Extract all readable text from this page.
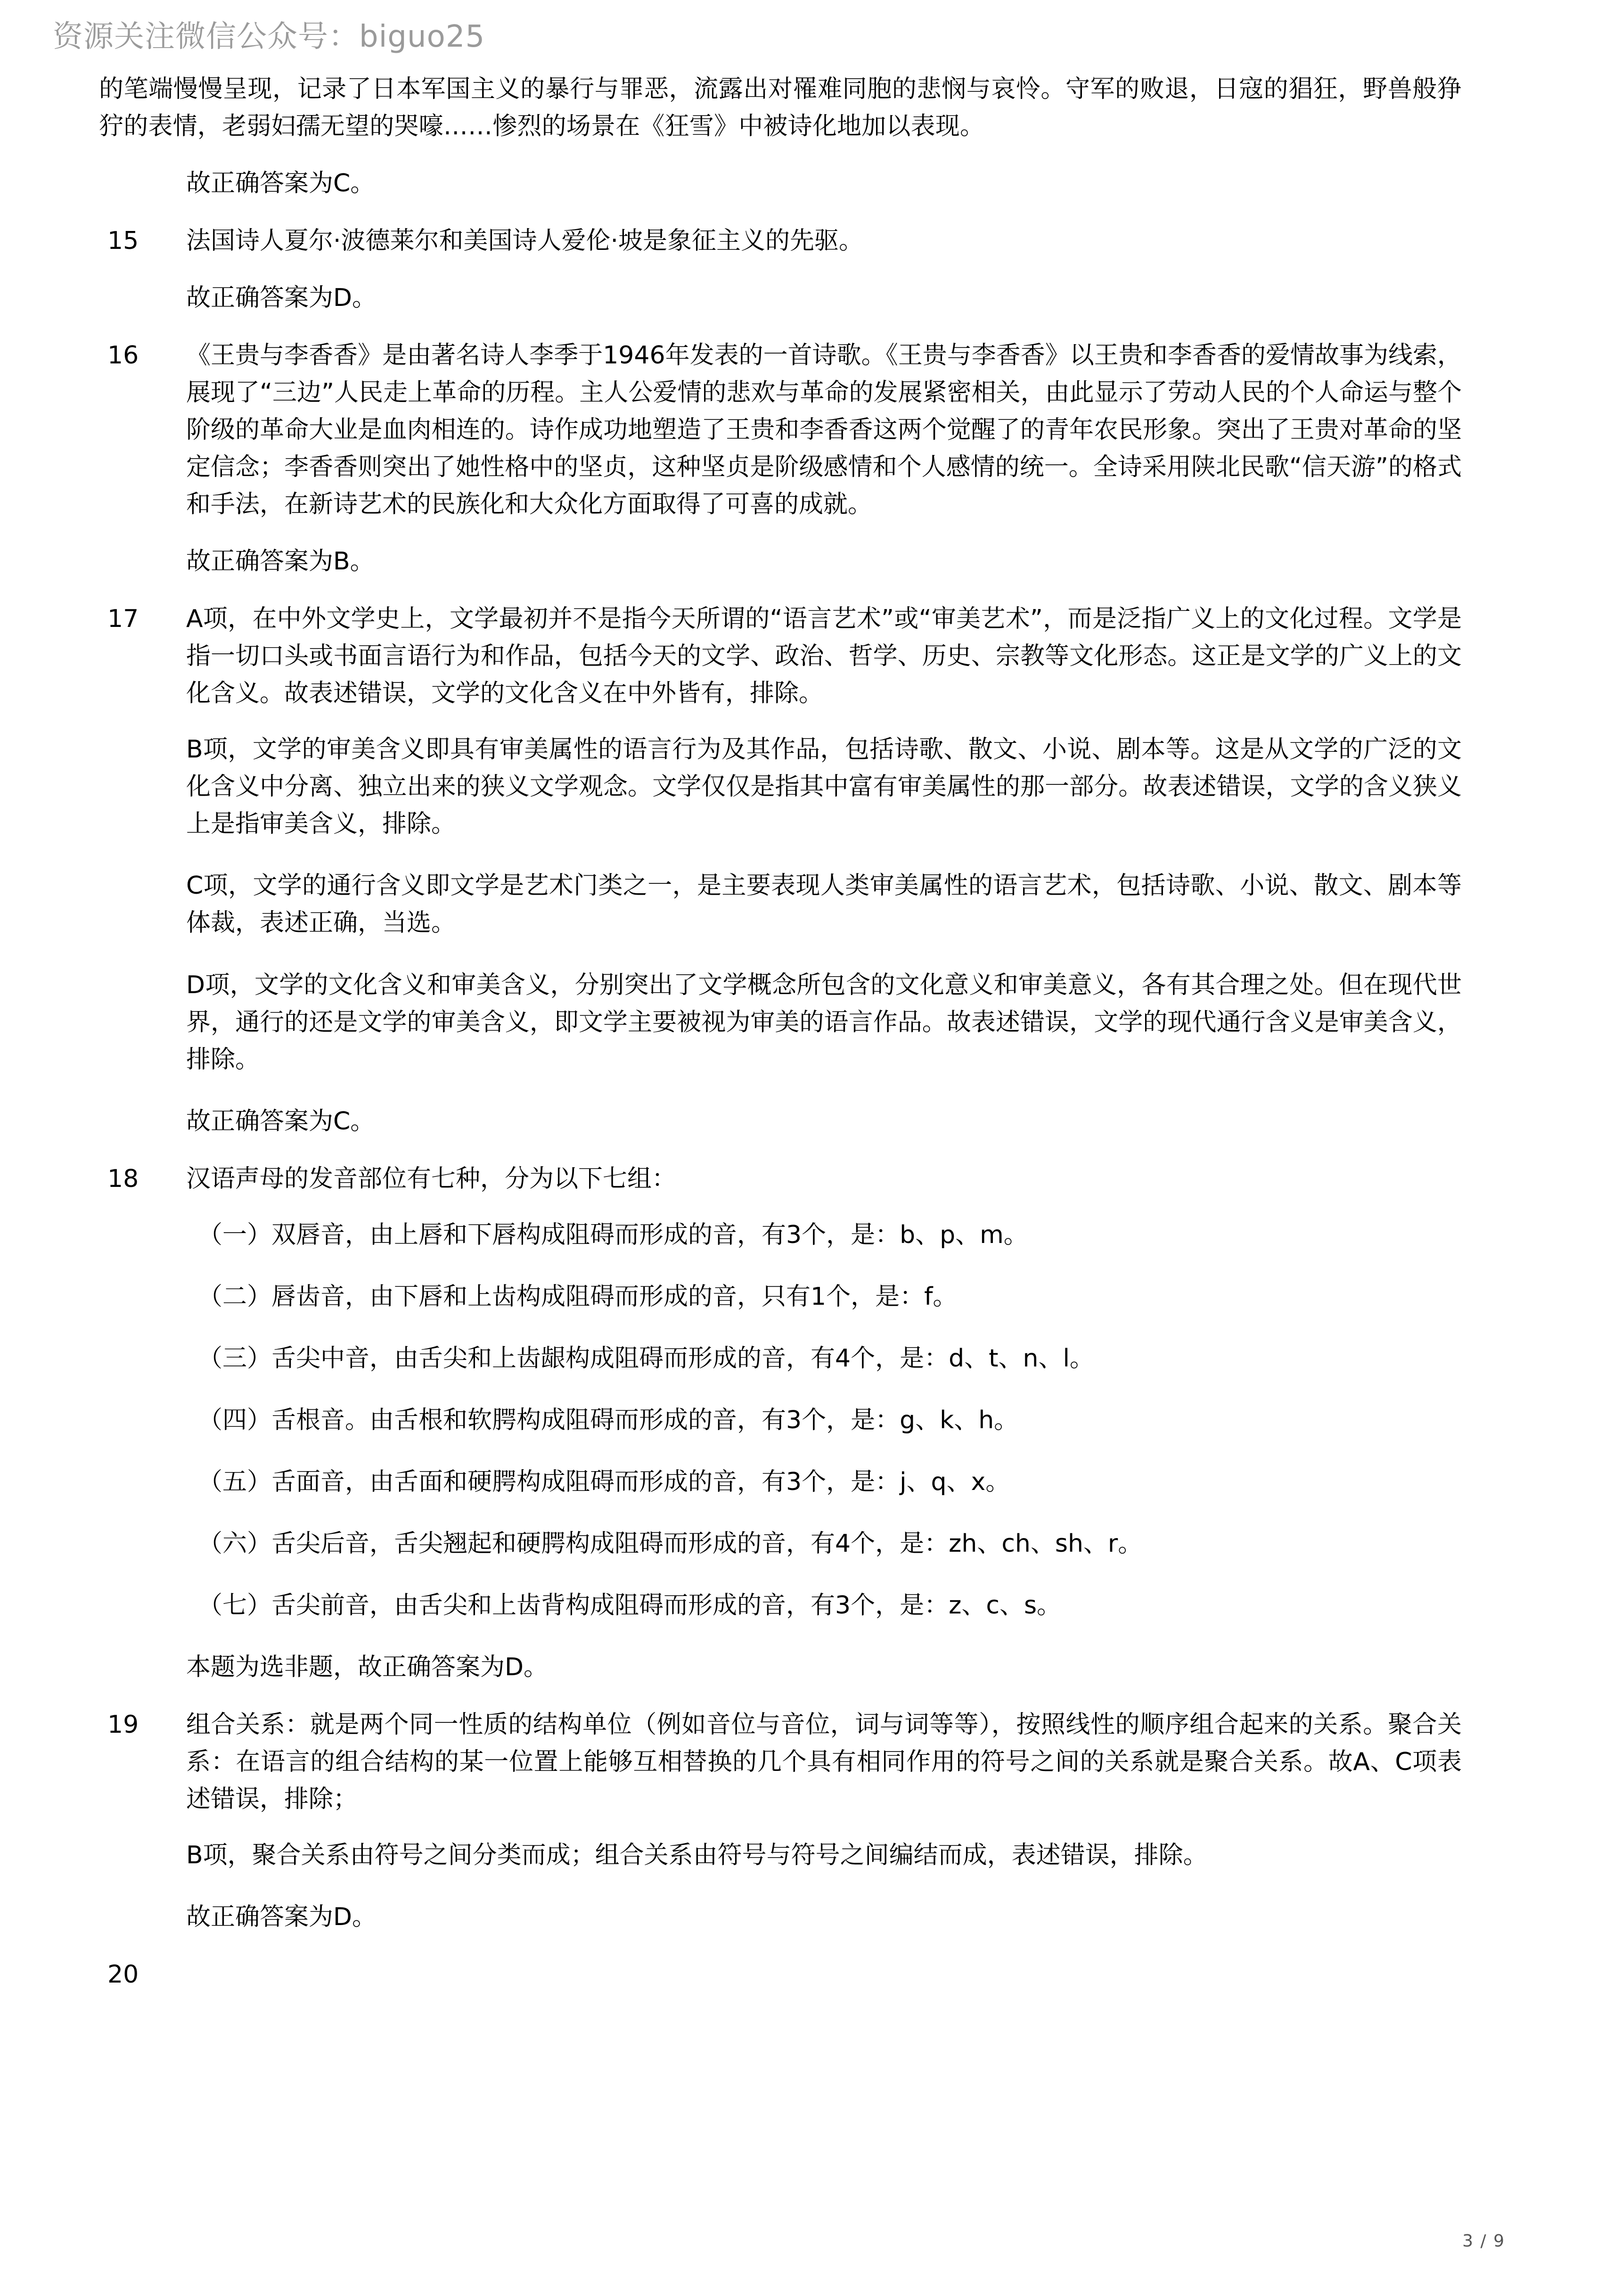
资源关注微信公众号：biguo25

的笔端慢慢呈现，记录了日本军国主义的暴行与罪恶，流露出对罹难同胞的悲悯与哀怜。守军的败退，日寇的猖狂，野兽般狰狞的表情，老弱妇孺无望的哭嚎……惨烈的场景在《狂雪》中被诗化地加以表现。

故正确答案为C。

15	法国诗人夏尔·波德莱尔和美国诗人爱伦·坡是象征主义的先驱。

故正确答案为D。

16	《王贵与李香香》是由著名诗人李季于1946年发表的一首诗歌。《王贵与李香香》以王贵和李香香的爱情故事为线索，展现了“三边”人民走上革命的历程。主人公爱情的悲欢与革命的发展紧密相关，由此显示了劳动人民的个人命运与整个阶级的革命大业是血肉相连的。诗作成功地塑造了王贵和李香香这两个觉醒了的青年农民形象。突出了王贵对革命的坚定信念；李香香则突出了她性格中的坚贞，这种坚贞是阶级感情和个人感情的统一。全诗采用陕北民歌“信天游”的格式和手法，在新诗艺术的民族化和大众化方面取得了可喜的成就。

故正确答案为B。

17	A项，在中外文学史上，文学最初并不是指今天所谓的“语言艺术”或“审美艺术”，而是泛指广义上的文化过程。文学是指一切口头或书面言语行为和作品，包括今天的文学、政治、哲学、历史、宗教等文化形态。这正是文学的广义上的文化含义。故表述错误，文学的文化含义在中外皆有，排除。

B项，文学的审美含义即具有审美属性的语言行为及其作品，包括诗歌、散文、小说、剧本等。这是从文学的广泛的文化含义中分离、独立出来的狭义文学观念。文学仅仅是指其中富有审美属性的那一部分。故表述错误，文学的含义狭义上是指审美含义，排除。

C项，文学的通行含义即文学是艺术门类之一，是主要表现人类审美属性的语言艺术，包括诗歌、小说、散文、剧本等体裁，表述正确，当选。

D项，文学的文化含义和审美含义，分别突出了文学概念所包含的文化意义和审美意义，各有其合理之处。但在现代世界，通行的还是文学的审美含义，即文学主要被视为审美的语言作品。故表述错误，文学的现代通行含义是审美含义，排除。

故正确答案为C。

18	汉语声母的发音部位有七种，分为以下七组：

（一）双唇音，由上唇和下唇构成阻碍而形成的音，有3个，是：b、p、m。

（二）唇齿音，由下唇和上齿构成阻碍而形成的音，只有1个，是：f。

（三）舌尖中音，由舌尖和上齿龈构成阻碍而形成的音，有4个，是：d、t、n、l。

（四）舌根音。由舌根和软腭构成阻碍而形成的音，有3个，是：g、k、h。

（五）舌面音，由舌面和硬腭构成阻碍而形成的音，有3个，是：j、q、x。

（六）舌尖后音，舌尖翘起和硬腭构成阻碍而形成的音，有4个，是：zh、ch、sh、r。

（七）舌尖前音，由舌尖和上齿背构成阻碍而形成的音，有3个，是：z、c、s。

本题为选非题，故正确答案为D。

19	组合关系：就是两个同一性质的结构单位（例如音位与音位，词与词等等），按照线性的顺序组合起来的关系。聚合关系：在语言的组合结构的某一位置上能够互相替换的几个具有相同作用的符号之间的关系就是聚合关系。故A、C项表述错误，排除；

B项，聚合关系由符号之间分类而成；组合关系由符号与符号之间编结而成，表述错误，排除。

故正确答案为D。

20

3 / 9
